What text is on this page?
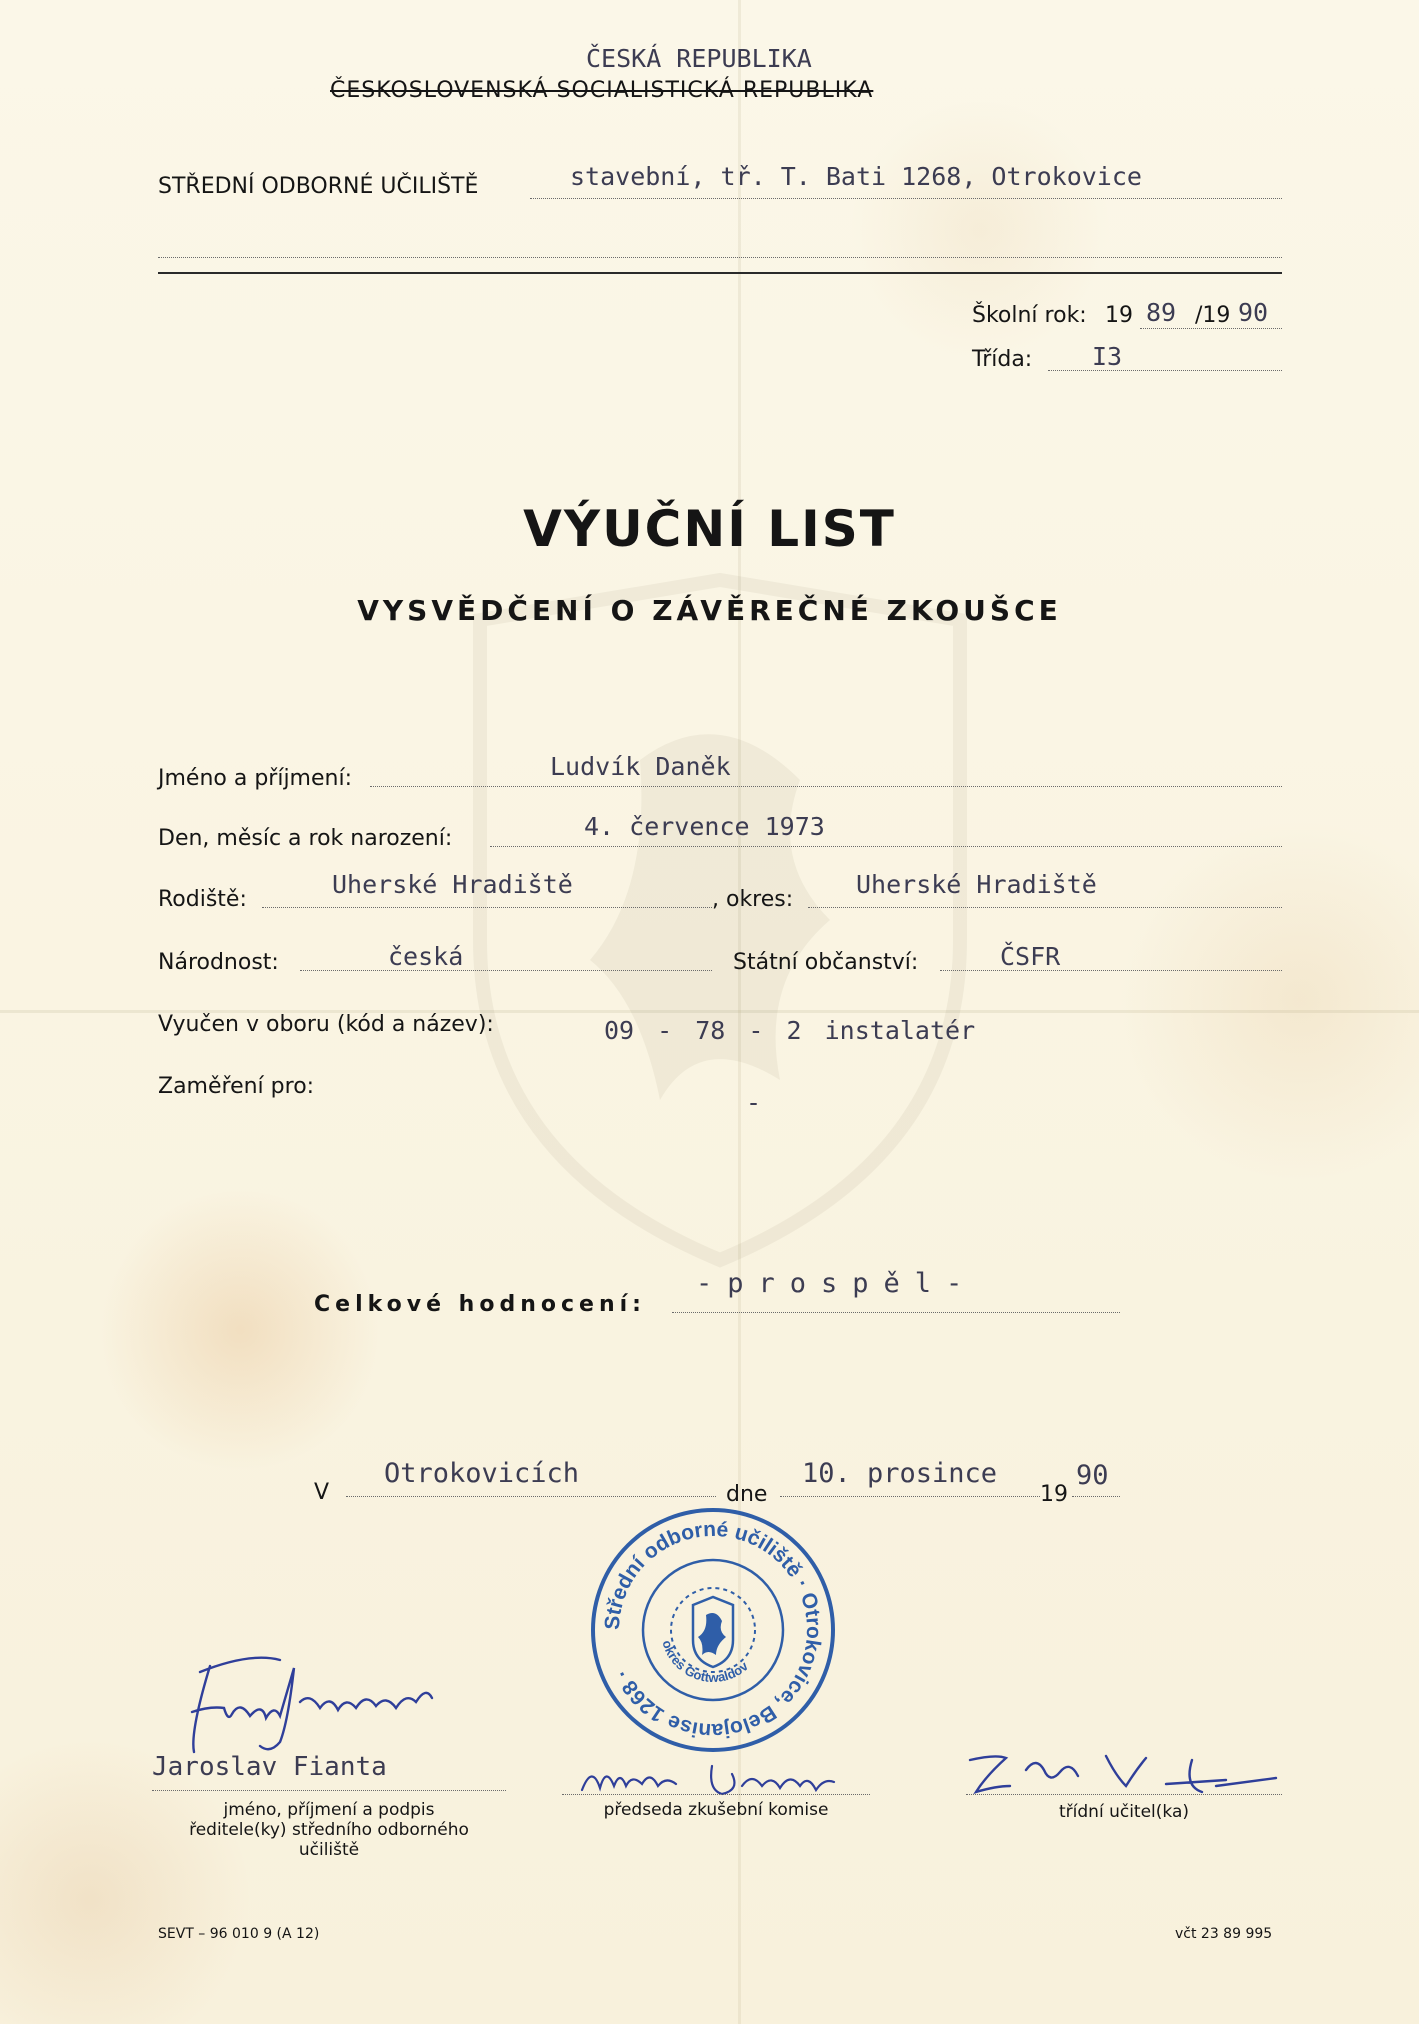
ČESKÁ REPUBLIKA
ČESKOSLOVENSKÁ SOCIALISTICKÁ REPUBLIKA
STŘEDNÍ ODBORNÉ UČILIŠTĚ	stavební, tř. T. Bati 1268, Otrokovice
Školní rok: 19 89 /19 90
Třída: I3
VÝUČNÍ LIST
VYSVĚDČENÍ O ZÁVĚREČNÉ ZKOUŠCE
Jméno a příjmení:	Ludvík Daněk
Den, měsíc a rok narození:	4. července 1973
Rodiště:
Uherské Hradiště
, okres:
Uherské Hradiště
Národnost:	česká	Státní občanství:	ČSFR
Vyučen v oboru (kód a název):	09 - 78 - 2 instalatér
Zaměření pro:
-
Celkové hodnocení:
-prospěl-
V
Otrokovicích
dne
10. prosince
19
90
Střední odborné učiliště · Otrokovice, Belojanise 1268 ·
okres Gottwaldov
Jaroslav Fianta
jméno, příjmení a podpis
ředitele(ky) středního odborného
učiliště
předseda zkušební komise	třídní učitel(ka)
SEVT – 96 010 9 (A 12)	včt 23 89 995
